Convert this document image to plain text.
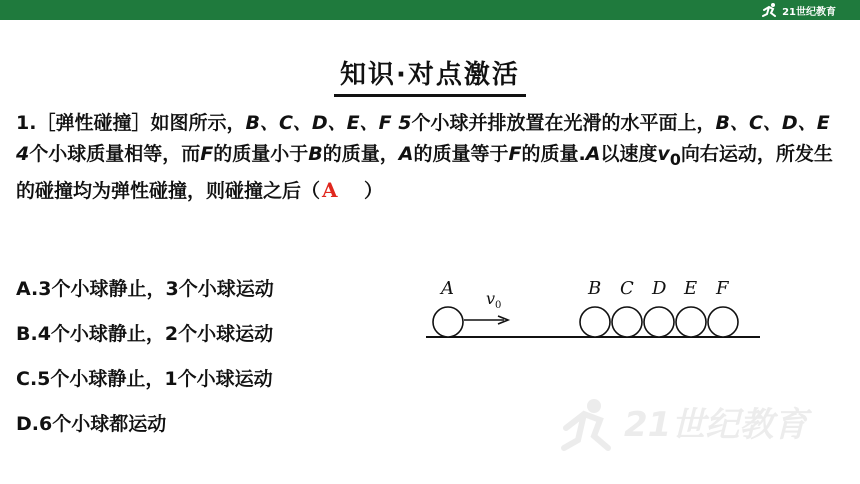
21世纪教育
知识·对点激活
1.［弹性碰撞］如图所示，B、C、D、E、F 5个小球并排放置在光滑的水平面上，B、C、D、E 4个小球质量相等，而F的质量小于B的质量，A的质量等于F的质量.A以速度$v_0$向右运动，所发生的碰撞均为弹性碰撞，则碰撞之后（ A ）
A.3个小球静止，3个小球运动
B.4个小球静止，2个小球运动
C.5个小球静止，1个小球运动
D.6个小球都运动
A	B C D E F
v 0
21世纪教育
